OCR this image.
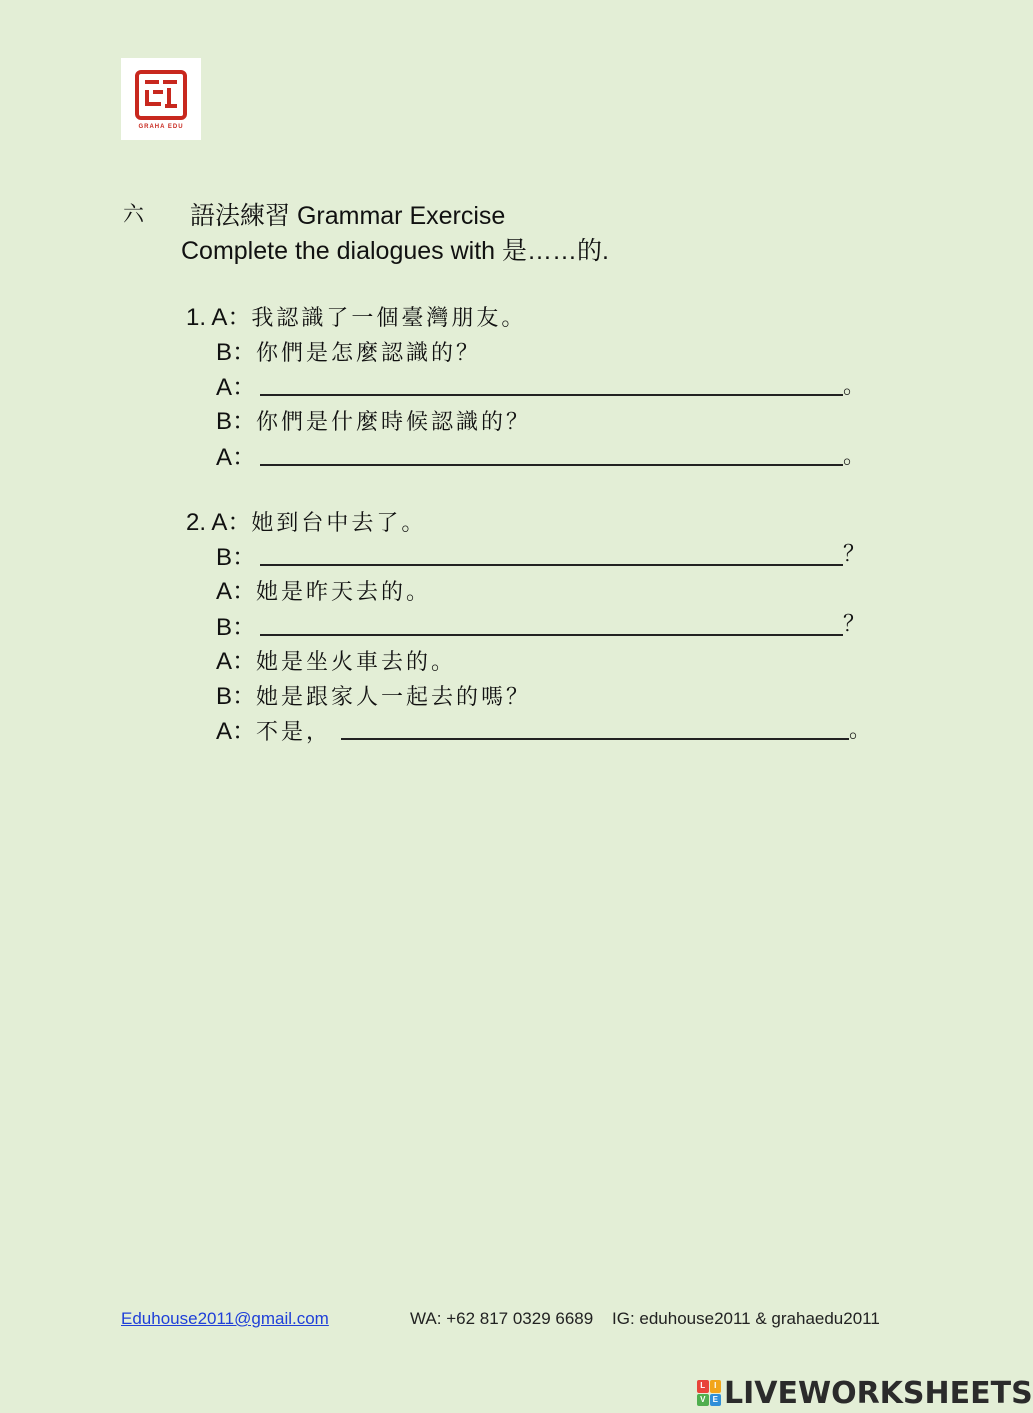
GRAHA EDU
六 語法練習 Grammar Exercise
Complete the dialogues with 是……的.
1. A：我認識了一個臺灣朋友。
B：你們是怎麼認識的？
A：	。
B：你們是什麼時候認識的？
A：	。
2. A：她到台中去了。
B：	？
A：她是昨天去的。
B：	？
A：她是坐火車去的。
B：她是跟家人一起去的嗎？
A：不是，	。
Eduhouse2011@gmail.com	WA: +62 817 0329 6689 IG: eduhouse2011 & grahaedu2011
L	I
V E LIVEWORKSHEETS
